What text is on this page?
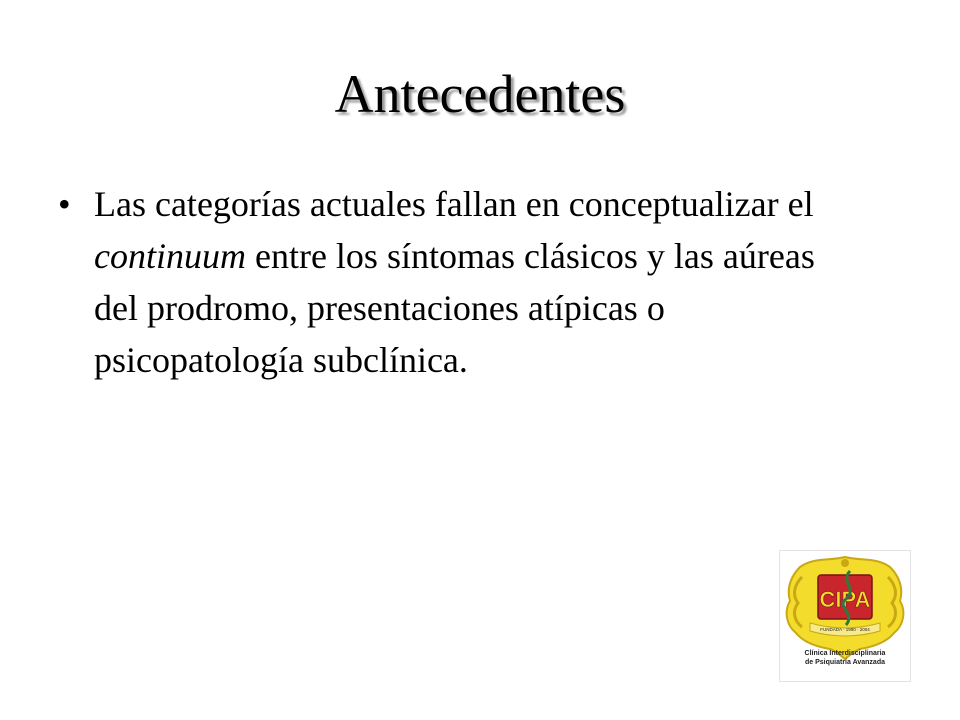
Antecedentes
• Las categorías actuales fallan en conceptualizar el continuum entre los síntomas clásicos y las aúreas del prodromo, presentaciones atípicas o psicopatología subclínica.
CIPA
FUNDADA · 1990 · 2004
Clínica Interdisciplinaria
de Psiquiatría Avanzada
